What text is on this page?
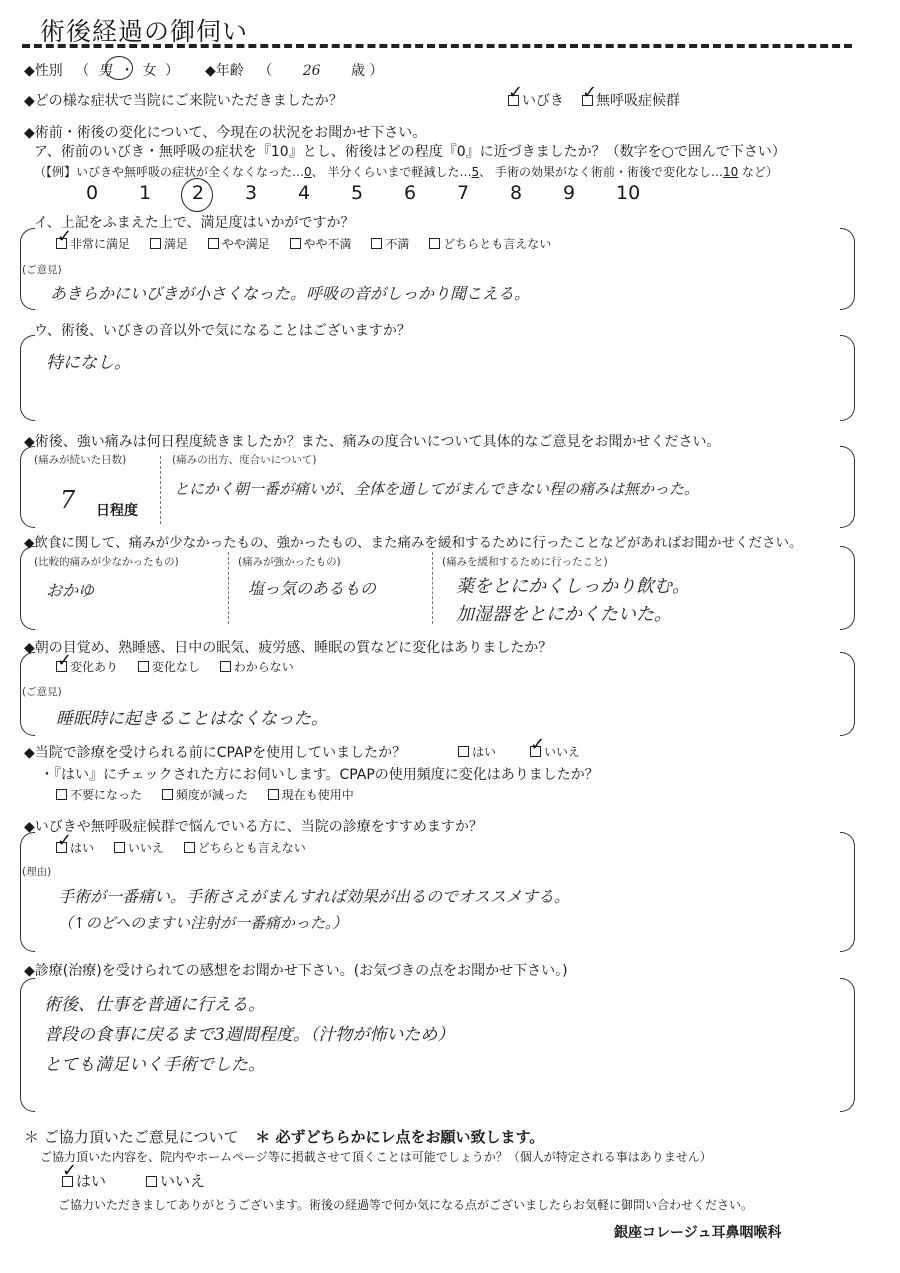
術後経過の御伺い
◆性別 （ 男 ・ 女 ） ◆年齢 （ 26 歳 ）
◆どの様な症状で当院にご来院いただきましたか？	いびき	無呼吸症候群
✓	✓
◆術前・術後の変化について、今現在の状況をお聞かせ下さい。
ア、術前のいびき・無呼吸の症状を『10』とし、術後はどの程度『0』に近づきましたか？（数字を○で囲んで下さい）
（【例】いびきや無呼吸の症状が全くなくなった…0、 半分くらいまで軽減した…5、 手術の効果がなく術前・術後で変化なし…10 など）
0 1 2 3 4 5 6 7 8 9 10
イ、上記をふまえた上で、満足度はいかがですか？
非常に満足	満足	やや満足	やや不満	不満	どちらとも言えない
✓
(ご意見)
あきらかにいびきが小さくなった。呼吸の音がしっかり聞こえる。
ウ、術後、いびきの音以外で気になることはございますか？
特になし。
◆術後、強い痛みは何日程度続きましたか？また、痛みの度合いについて具体的なご意見をお聞かせください。
(痛みが続いた日数)
7 日程度
(痛みの出方、度合いについて)
とにかく朝一番が痛いが、全体を通してがまんできない程の痛みは無かった。
◆飲食に関して、痛みが少なかったもの、強かったもの、また痛みを緩和するために行ったことなどがあればお聞かせください。
(比較的痛みが少なかったもの)	(痛みが強かったもの)	(痛みを緩和するために行ったこと)
おかゆ	塩っ気のあるもの	薬をとにかくしっかり飲む。
加湿器をとにかくたいた。
◆朝の目覚め、熟睡感、日中の眠気、疲労感、睡眠の質などに変化はありましたか？
変化あり	変化なし	わからない
✓
(ご意見)
睡眠時に起きることはなくなった。
◆当院で診療を受けられる前にCPAPを使用していましたか？	はい	いいえ
✓
・『はい』にチェックされた方にお伺いします。CPAPの使用頻度に変化はありましたか？
不要になった	頻度が減った	現在も使用中
◆いびきや無呼吸症候群で悩んでいる方に、当院の診療をすすめますか？
はい	いいえ	どちらとも言えない
✓
(理由)
手術が一番痛い。手術さえがまんすれば効果が出るのでオススメする。
（↑のどへのますい注射が一番痛かった。）
◆診療(治療)を受けられての感想をお聞かせ下さい。(お気づきの点をお聞かせ下さい。)
術後、仕事を普通に行える。
普段の食事に戻るまで3週間程度。（汁物が怖いため）
とても満足いく手術でした。
＊ ご協力頂いたご意見について ＊ 必ずどちらかにレ点をお願い致します。
ご協力頂いた内容を、院内やホームページ等に掲載させて頂くことは可能でしょうか？（個人が特定される事はありません）
はい	いいえ
✓
ご協力いただきましてありがとうございます。術後の経過等で何か気になる点がございましたらお気軽に御問い合わせください。
銀座コレージュ耳鼻咽喉科
